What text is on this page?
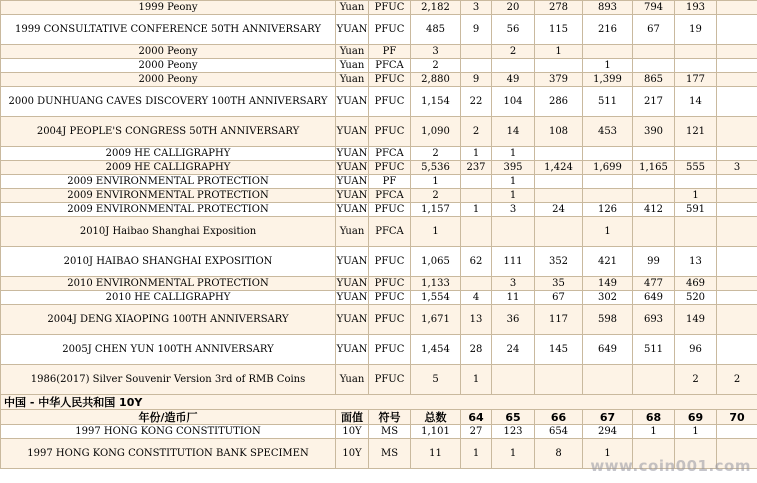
1999 Peony	Yuan	PFUC	2,182	3	20	278	893	794	193	
1999 CONSULTATIVE CONFERENCE 50TH ANNIVERSARY	YUAN	PFUC	485	9	56	115	216	67	19	
2000 Peony	Yuan	PF	3		2	1				
2000 Peony	Yuan	PFCA	2				1			
2000 Peony	Yuan	PFUC	2,880	9	49	379	1,399	865	177	
2000 DUNHUANG CAVES DISCOVERY 100TH ANNIVERSARY	YUAN	PFUC	1,154	22	104	286	511	217	14	
2004J PEOPLE'S CONGRESS 50TH ANNIVERSARY	YUAN	PFUC	1,090	2	14	108	453	390	121	
2009 HE CALLIGRAPHY	YUAN	PFCA	2	1	1					
2009 HE CALLIGRAPHY	YUAN	PFUC	5,536	237	395	1,424	1,699	1,165	555	3
2009 ENVIRONMENTAL PROTECTION	YUAN	PF	1		1					
2009 ENVIRONMENTAL PROTECTION	YUAN	PFCA	2		1				1	
2009 ENVIRONMENTAL PROTECTION	YUAN	PFUC	1,157	1	3	24	126	412	591	
2010J Haibao Shanghai Exposition	Yuan	PFCA	1				1			
2010J HAIBAO SHANGHAI EXPOSITION	YUAN	PFUC	1,065	62	111	352	421	99	13	
2010 ENVIRONMENTAL PROTECTION	YUAN	PFUC	1,133		3	35	149	477	469	
2010 HE CALLIGRAPHY	YUAN	PFUC	1,554	4	11	67	302	649	520	
2004J DENG XIAOPING 100TH ANNIVERSARY	YUAN	PFUC	1,671	13	36	117	598	693	149	
2005J CHEN YUN 100TH ANNIVERSARY	YUAN	PFUC	1,454	28	24	145	649	511	96	
1986(2017) Silver Souvenir Version 3rd of RMB Coins	Yuan	PFUC	5	1					2	2
中国 - 中华人民共和国 10Y										
年份/造币厂	面值	符号	总数	64	65	66	67	68	69	70
1997 HONG KONG CONSTITUTION	10Y	MS	1,101	27	123	654	294	1	1	
1997 HONG KONG CONSTITUTION BANK SPECIMEN	10Y	MS	11	1	1	8	1			
www.coin001.com
